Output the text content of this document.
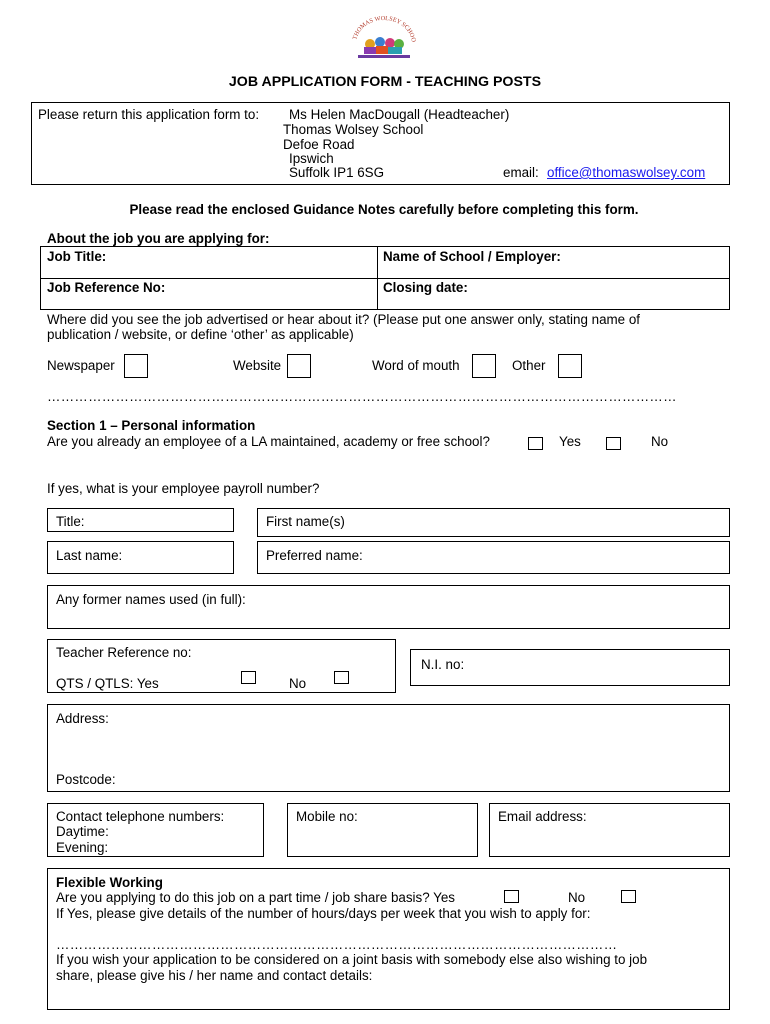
THOMAS WOLSEY SCHOO
JOB APPLICATION FORM - TEACHING POSTS
Please return this application form to: Ms Helen MacDougall (Headteacher)
Thomas Wolsey School
Defoe Road
Ipswich
Suffolk IP1 6SG	email: office@thomaswolsey.com
Please read the enclosed Guidance Notes carefully before completing this form.
About the job you are applying for:
Job Title:	Name of School / Employer:
Job Reference No:	Closing date:
Where did you see the job advertised or hear about it? (Please put one answer only, stating name of
publication / website, or define ‘other’ as applicable)
Newspaper	Website	Word of mouth	Other
…………………………………………………………………………………………………………………………
Section 1 – Personal information
Are you already an employee of a LA maintained, academy or free school?	Yes	No
If yes, what is your employee payroll number?
Title:	First name(s)
Last name:	Preferred name:
Any former names used (in full):
Teacher Reference no:
QTS / QTLS: Yes	No
N.I. no:
Address:
Postcode:
Contact telephone numbers:
Daytime:
Evening:
Mobile no:	Email address:
Flexible Working
Are you applying to do this job on a part time / job share basis? Yes	No
If Yes, please give details of the number of hours/days per week that you wish to apply for:
……………………………………………………………………………………………………………
If you wish your application to be considered on a joint basis with somebody else also wishing to job
share, please give his / her name and contact details:
